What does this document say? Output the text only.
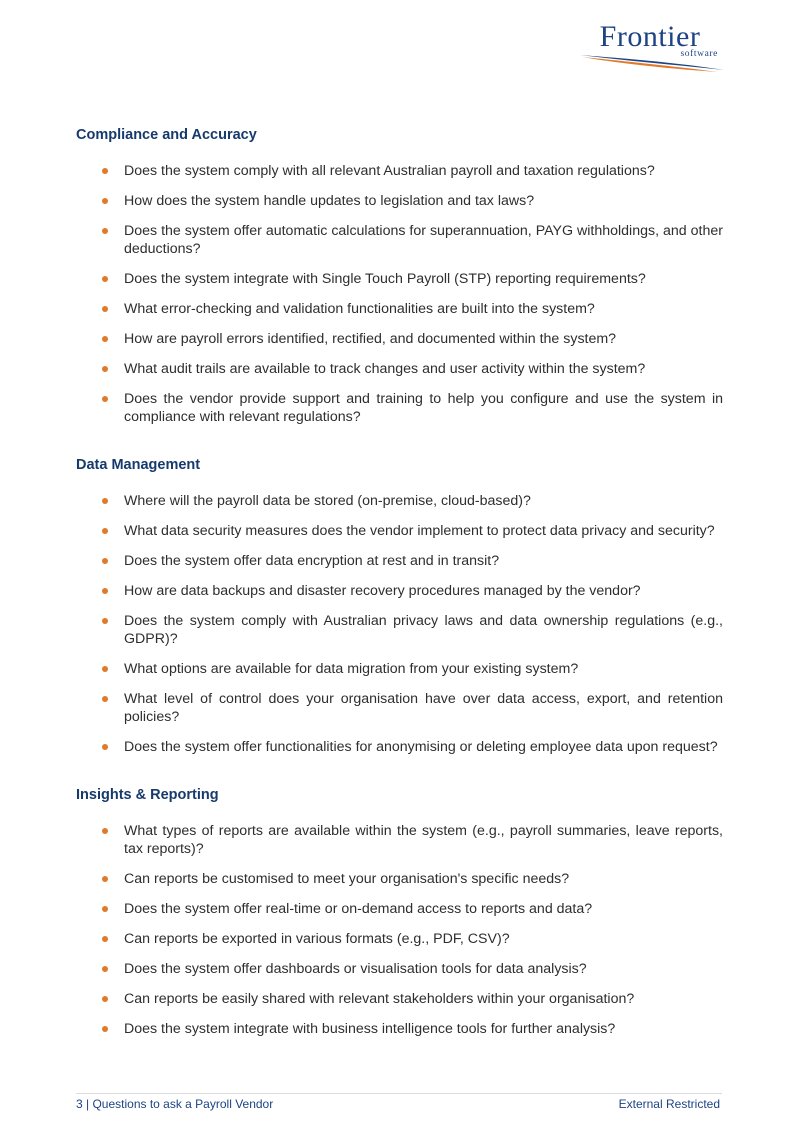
Frontier
software
Compliance and Accuracy
Does the system comply with all relevant Australian payroll and taxation regulations?
How does the system handle updates to legislation and tax laws?
Does the system offer automatic calculations for superannuation, PAYG withholdings, and other deductions?
Does the system integrate with Single Touch Payroll (STP) reporting requirements?
What error-checking and validation functionalities are built into the system?
How are payroll errors identified, rectified, and documented within the system?
What audit trails are available to track changes and user activity within the system?
Does the vendor provide support and training to help you configure and use the system in compliance with relevant regulations?
Data Management
Where will the payroll data be stored (on-premise, cloud-based)?
What data security measures does the vendor implement to protect data privacy and security?
Does the system offer data encryption at rest and in transit?
How are data backups and disaster recovery procedures managed by the vendor?
Does the system comply with Australian privacy laws and data ownership regulations (e.g., GDPR)?
What options are available for data migration from your existing system?
What level of control does your organisation have over data access, export, and retention policies?
Does the system offer functionalities for anonymising or deleting employee data upon request?
Insights & Reporting
What types of reports are available within the system (e.g., payroll summaries, leave reports, tax reports)?
Can reports be customised to meet your organisation's specific needs?
Does the system offer real-time or on-demand access to reports and data?
Can reports be exported in various formats (e.g., PDF, CSV)?
Does the system offer dashboards or visualisation tools for data analysis?
Can reports be easily shared with relevant stakeholders within your organisation?
Does the system integrate with business intelligence tools for further analysis?
3 | Questions to ask a Payroll Vendor	External Restricted
